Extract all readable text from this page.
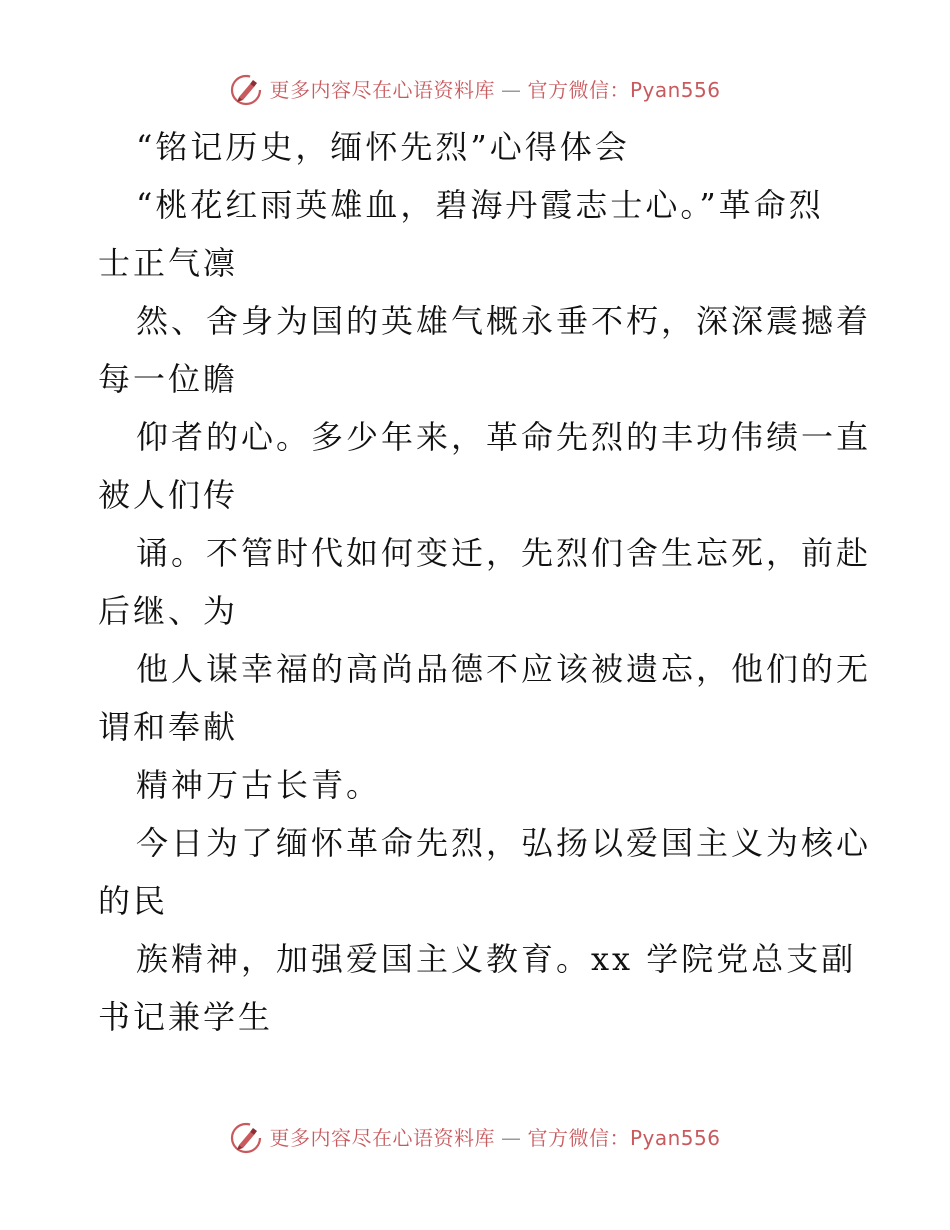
更多内容尽在心语资料库 — 官方微信：Pyan556
“铭记历史，缅怀先烈”心得体会
“桃花红雨英雄血，碧海丹霞志士心。”革命烈
士正气凛
然、舍身为国的英雄气概永垂不朽，深深震撼着
每一位瞻
仰者的心。多少年来，革命先烈的丰功伟绩一直
被人们传
诵。不管时代如何变迁，先烈们舍生忘死，前赴
后继、为
他人谋幸福的高尚品德不应该被遗忘，他们的无
谓和奉献
精神万古长青。
今日为了缅怀革命先烈，弘扬以爱国主义为核心
的民
族精神，加强爱国主义教育。xx 学院党总支副
书记兼学生
更多内容尽在心语资料库 — 官方微信：Pyan556
